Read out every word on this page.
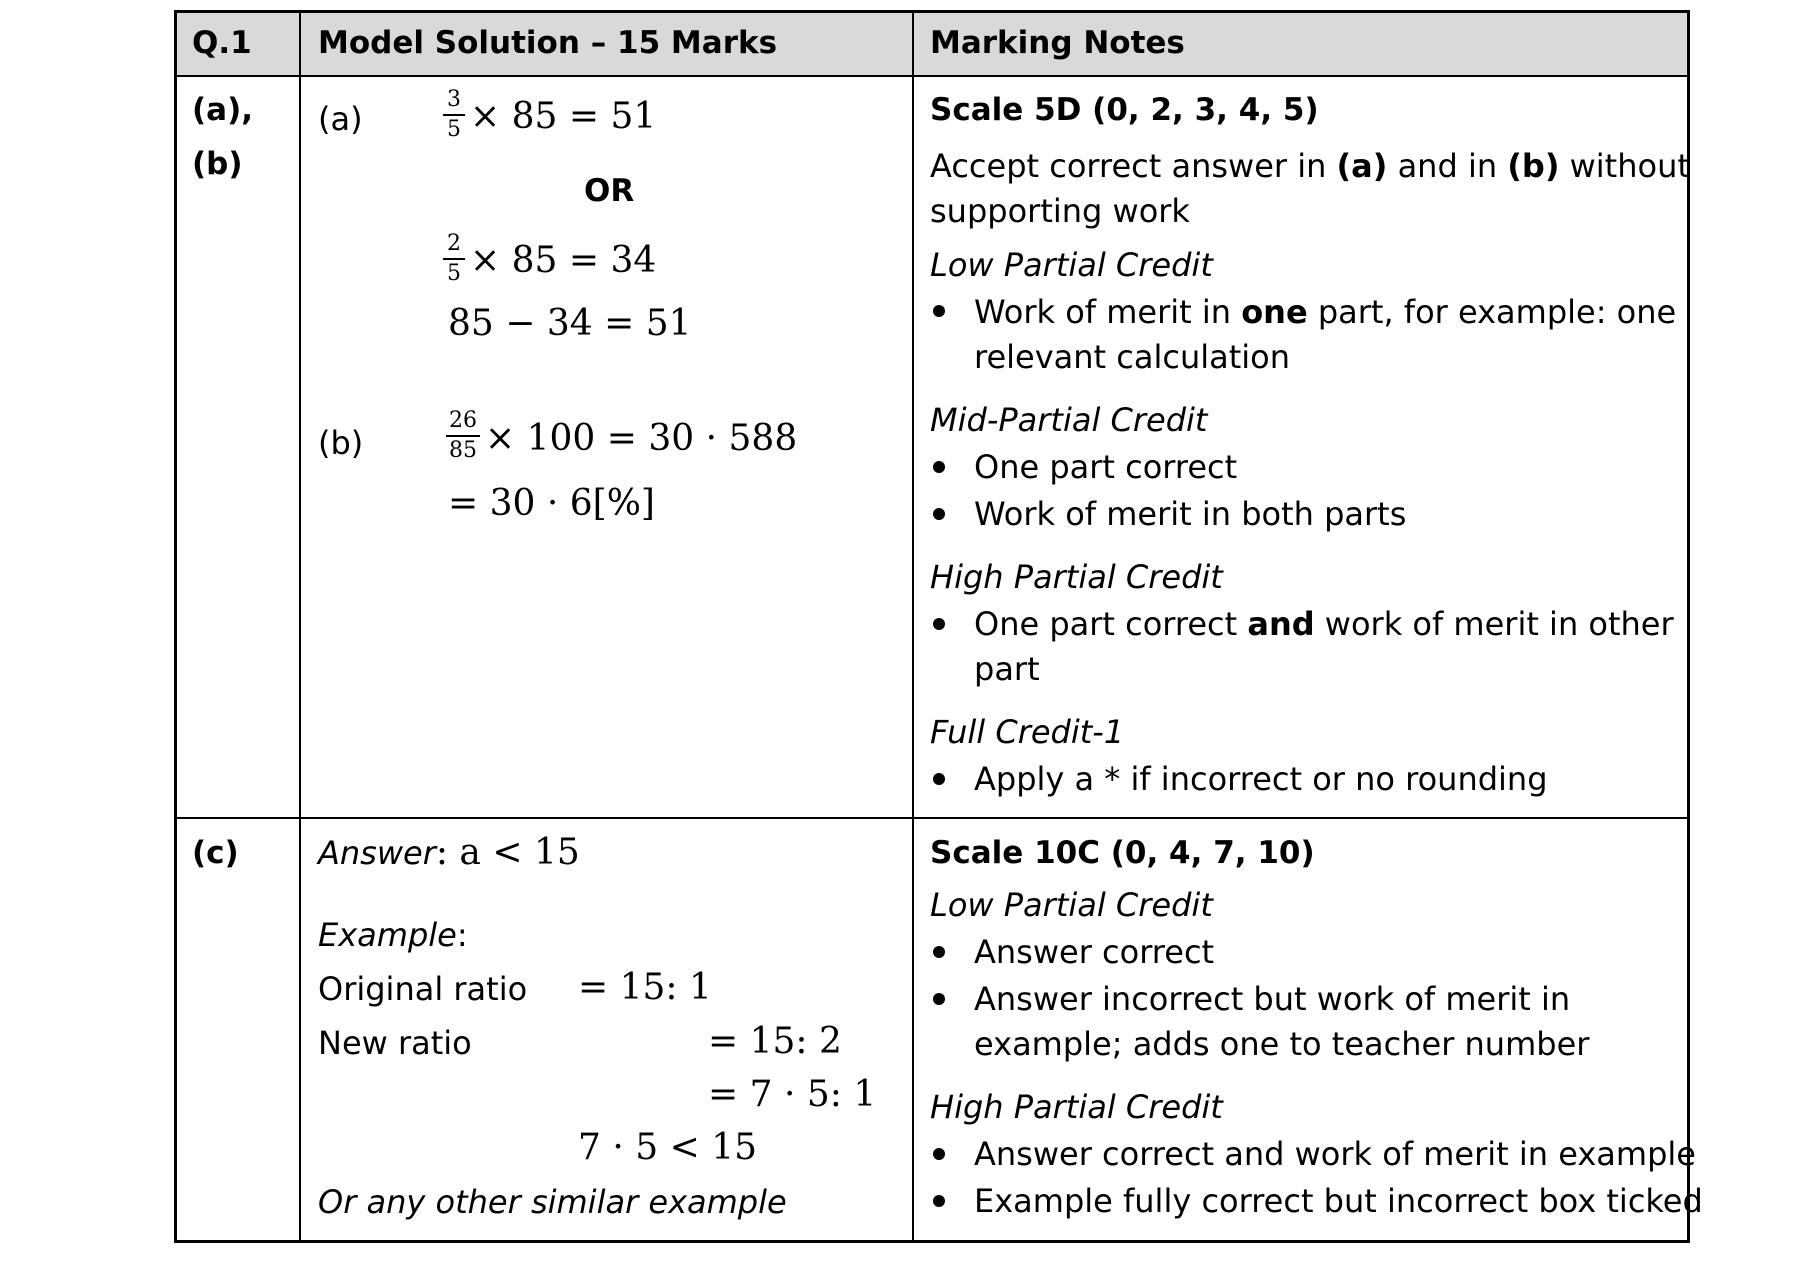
Q.1 Model Solution – 15 Marks	Marking Notes
(a),
(b)
(a)
3
5 × 85 = 51
OR
2
5 × 85 = 34
85 − 34 = 51
(b)
26
85 × 100 = 30 · 588
= 30 · 6[%]
Scale 5D (0, 2, 3, 4, 5)
Accept correct answer in (a) and in (b) without
supporting work
Low Partial Credit
Work of merit in one part, for example: one
relevant calculation
Mid-Partial Credit
One part correct
Work of merit in both parts
High Partial Credit
One part correct and work of merit in other
part
Full Credit-1
Apply a * if incorrect or no rounding
(c) Answer: a < 15
Example:
Original ratio = 15: 1
New ratio	= 15: 2
= 7 · 5: 1
7 · 5 < 15
Or any other similar example
Scale 10C (0, 4, 7, 10)
Low Partial Credit
Answer correct
Answer incorrect but work of merit in
example; adds one to teacher number
High Partial Credit
Answer correct and work of merit in example
Example fully correct but incorrect box ticked
